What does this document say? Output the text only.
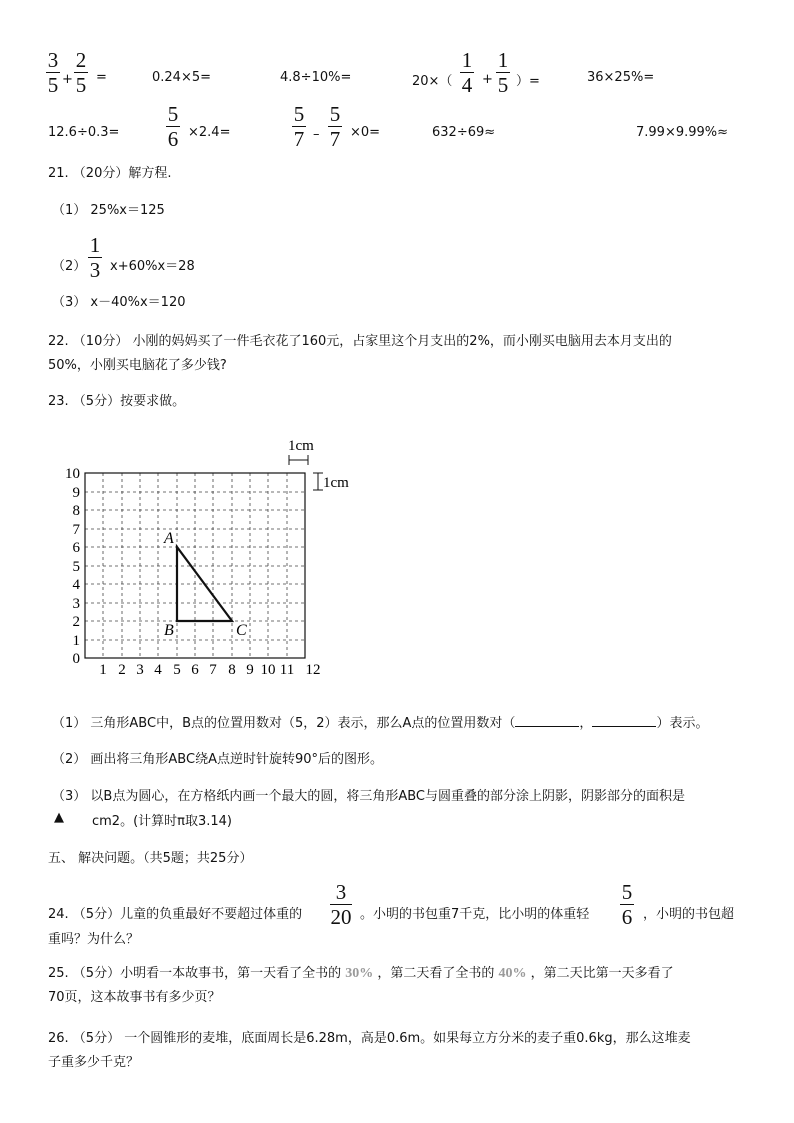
3
5 +
2
5 =	0.24×5=	4.8÷10%=	20×（
1
4 +
1
5 ）=	36×25%=
12.6÷0.3=
5
6 ×2.4=
5
7 –
5
7 ×0=	632÷69≈	7.99×9.99%≈
21. （20分）解方程.
（1） 25%x＝125
（2）
1
3 x+60%x＝28
（3） x－40%x＝120
22. （10分） 小刚的妈妈买了一件毛衣花了160元，占家里这个月支出的2%，而小刚买电脑用去本月支出的
50%，小刚买电脑花了多少钱?
23. （5分）按要求做。
1cm
1cm
A
B	C
0
1
2
3
4
5
6
7
8
9
10
1 2 3 4 5 6 7 8 9 10 11 12
（1） 三角形ABC中，B点的位置用数对（5，2）表示，那么A点的位置用数对（	，	）表示。
（2） 画出将三角形ABC绕A点逆时针旋转90°后的图形。
（3） 以B点为圆心，在方格纸内画一个最大的圆，将三角形ABC与圆重叠的部分涂上阴影，阴影部分的面积是
▲ cm2。(计算时π取3.14)
五、 解决问题。（共5题；共25分）
24. （5分）儿童的负重最好不要超过体重的
3
20 。小明的书包重7千克，比小明的体重轻
5
6 ，小明的书包超
重吗？为什么？
25. （5分）小明看一本故事书，第一天看了全书的 30% ，第二天看了全书的 40% ，第二天比第一天多看了
70页，这本故事书有多少页？
26. （5分） 一个圆锥形的麦堆，底面周长是6.28m，高是0.6m。如果每立方分米的麦子重0.6kg，那么这堆麦
子重多少千克？
